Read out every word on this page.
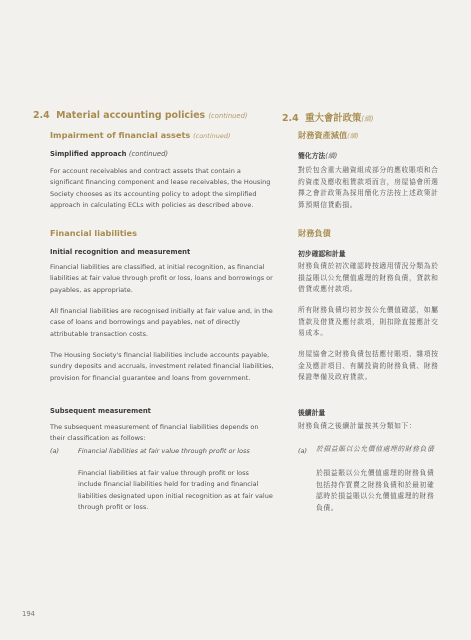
2.4 Material accounting policies (continued)
Impairment of financial assets (continued)
Simplified approach (continued)
For account receivables and contract assets that contain a significant financing component and lease receivables, the Housing Society chooses as its accounting policy to adopt the simplified approach in calculating ECLs with policies as described above.
Financial liabilities
Initial recognition and measurement
Financial liabilities are classified, at initial recognition, as financial liabilities at fair value through profit or loss, loans and borrowings or payables, as appropriate.
All financial liabilities are recognised initially at fair value and, in the case of loans and borrowings and payables, net of directly attributable transaction costs.
The Housing Society's financial liabilities include accounts payable, sundry deposits and accruals, investment related financial liabilities, provision for financial guarantee and loans from government.
Subsequent measurement
The subsequent measurement of financial liabilities depends on their classification as follows:
(a)	Financial liabilities at fair value through profit or loss
Financial liabilities at fair value through profit or loss include financial liabilities held for trading and financial liabilities designated upon initial recognition as at fair value through profit or loss.
2.4 重大會計政策(續)
財務資產減值(續)
簡化方法(續)
對於包含重大融資組成部分的應收賬項和合約資產及應收租賃款項而言，房屋協會所選擇之會計政策為採用簡化方法按上述政策計算預期信貸虧損。
財務負債
初步確認和計量
財務負債於初次確認時按適用情況分類為於損益賬以公允價值處理的財務負債，貸款和借貸或應付款項。
所有財務負債均初步按公允價值確認，如屬貸款及借貸及應付款項，則扣除直接應計交易成本。
房屋協會之財務負債包括應付賬項、雜項按金及應計項目、有關投資的財務負債、財務保證準備及政府貸款。
後續計量
財務負債之後續計量按其分類如下：
(a) 於損益賬以公允價值處理的財務負債
於損益賬以公允價值處理的財務負債包括持作買賣之財務負債和於最初確認時於損益賬以公允價值處理的財務負債。
194
